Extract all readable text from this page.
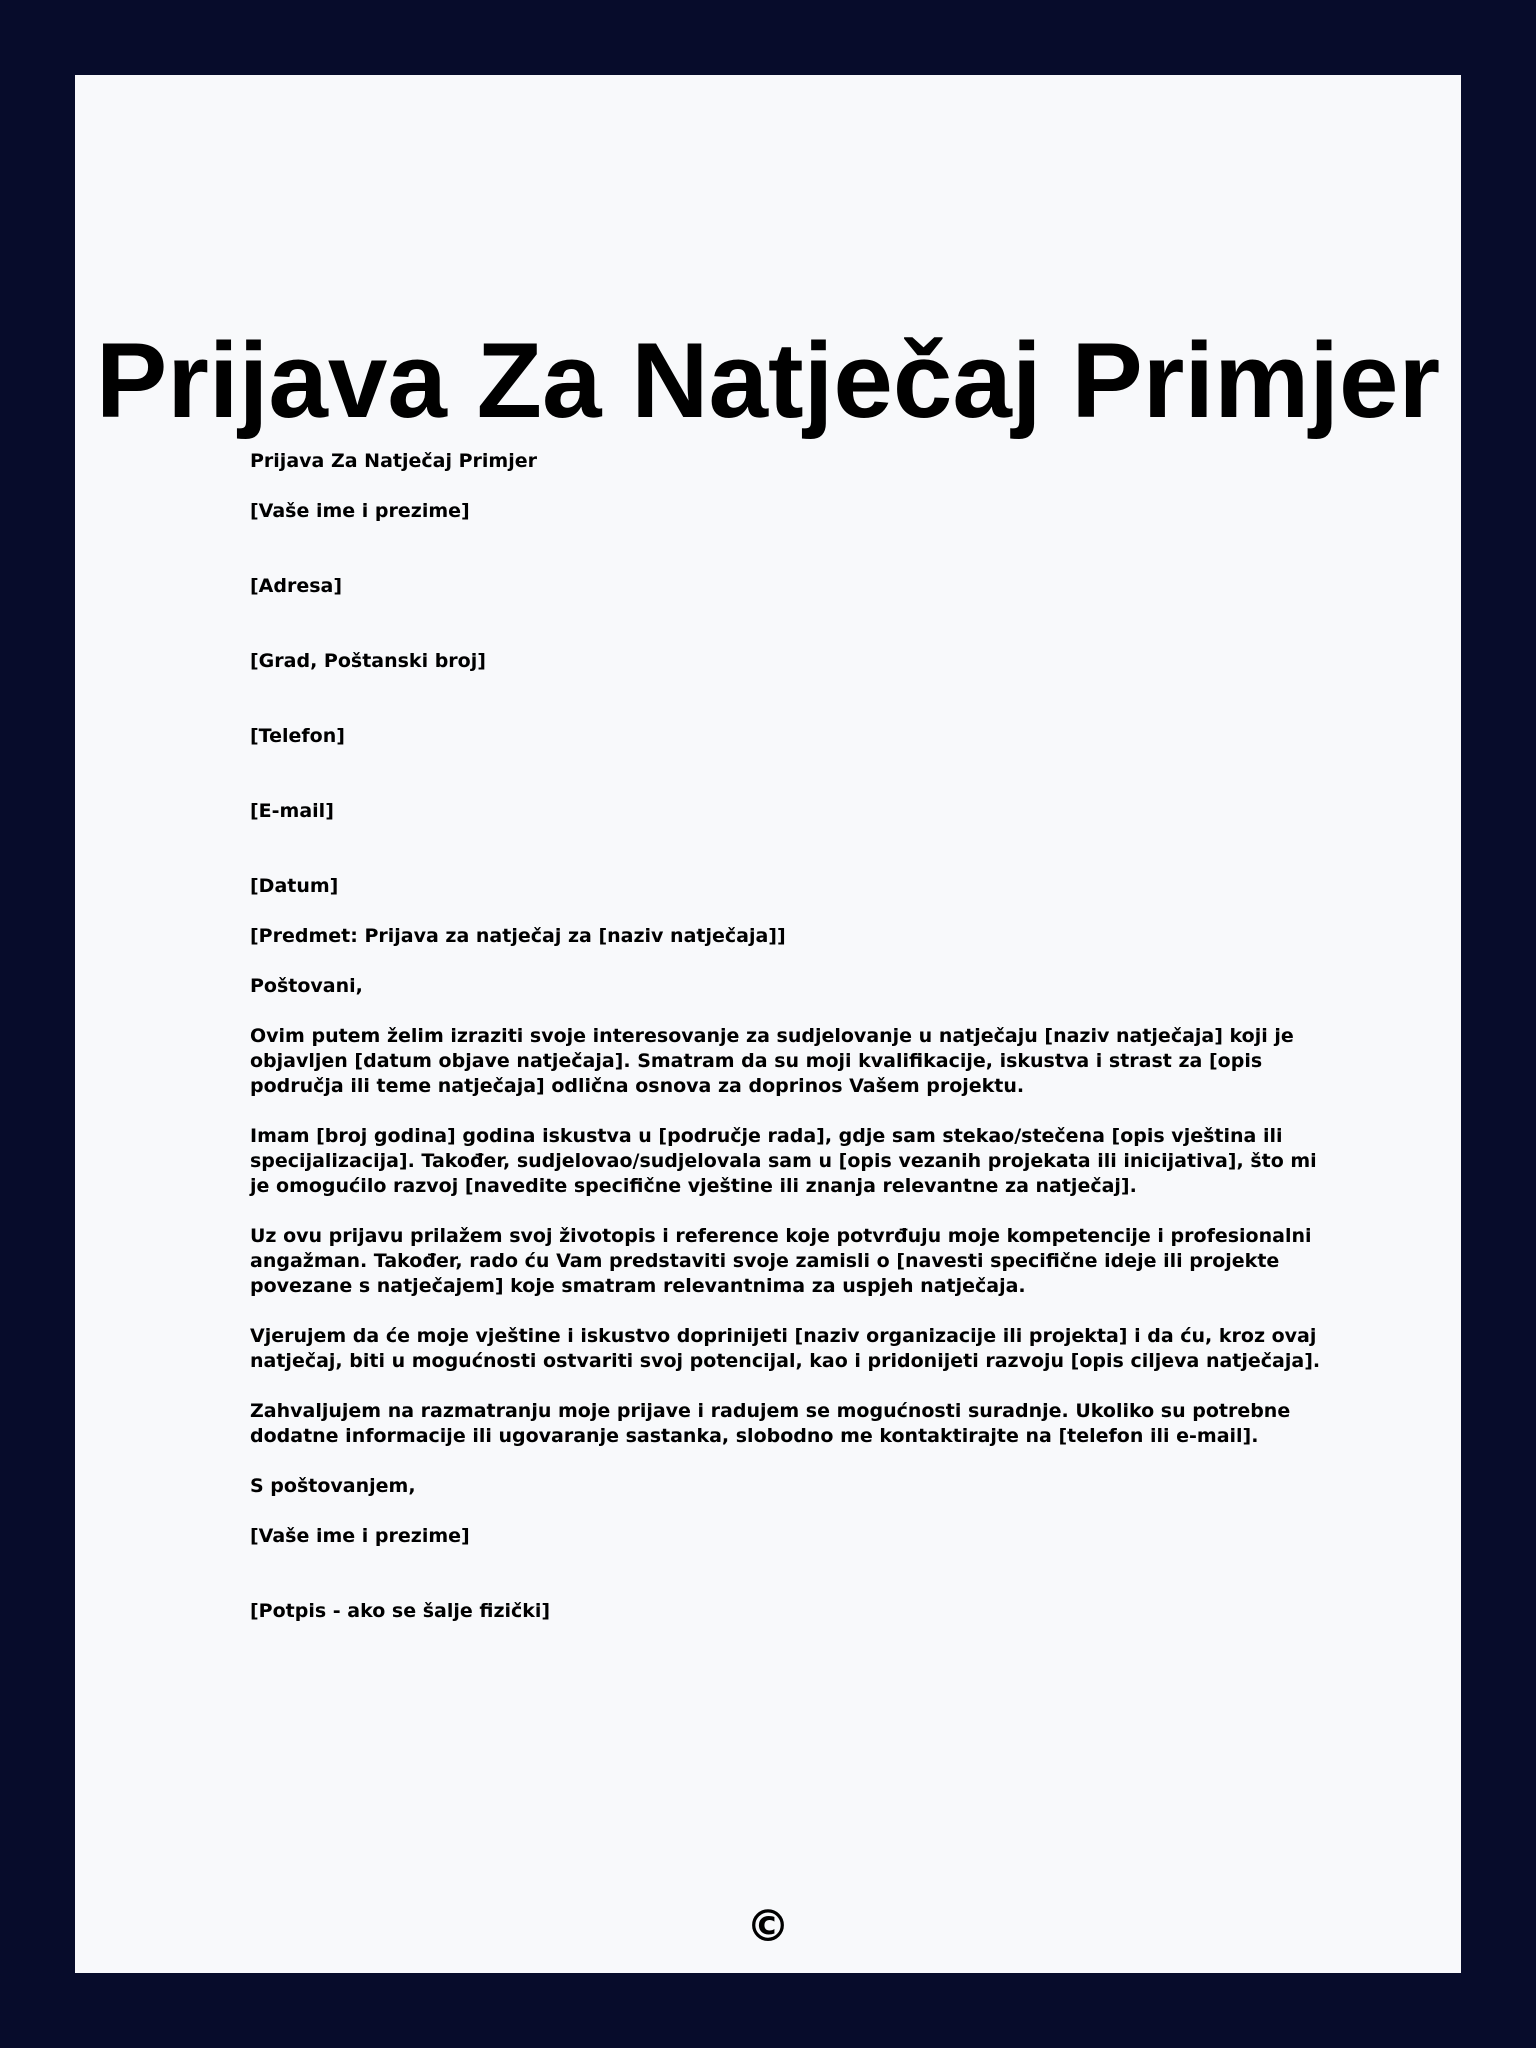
Prijava Za Natječaj Primjer

Prijava Za Natječaj Primjer

[Vaše ime i prezime]

[Adresa]

[Grad, Poštanski broj]

[Telefon]

[E-mail]

[Datum]

[Predmet: Prijava za natječaj za [naziv natječaja]]

Poštovani,

Ovim putem želim izraziti svoje interesovanje za sudjelovanje u natječaju [naziv natječaja] koji je objavljen [datum objave natječaja]. Smatram da su moji kvalifikacije, iskustva i strast za [opis područja ili teme natječaja] odlična osnova za doprinos Vašem projektu.

Imam [broj godina] godina iskustva u [područje rada], gdje sam stekao/stečena [opis vještina ili specijalizacija]. Također, sudjelovao/sudjelovala sam u [opis vezanih projekata ili inicijativa], što mi je omogućilo razvoj [navedite specifične vještine ili znanja relevantne za natječaj].

Uz ovu prijavu prilažem svoj životopis i reference koje potvrđuju moje kompetencije i profesionalni angažman. Također, rado ću Vam predstaviti svoje zamisli o [navesti specifične ideje ili projekte povezane s natječajem] koje smatram relevantnima za uspjeh natječaja.

Vjerujem da će moje vještine i iskustvo doprinijeti [naziv organizacije ili projekta] i da ću, kroz ovaj natječaj, biti u mogućnosti ostvariti svoj potencijal, kao i pridonijeti razvoju [opis ciljeva natječaja].

Zahvaljujem na razmatranju moje prijave i radujem se mogućnosti suradnje. Ukoliko su potrebne dodatne informacije ili ugovaranje sastanka, slobodno me kontaktirajte na [telefon ili e-mail].

S poštovanjem,

[Vaše ime i prezime]

[Potpis - ako se šalje fizički]

©
